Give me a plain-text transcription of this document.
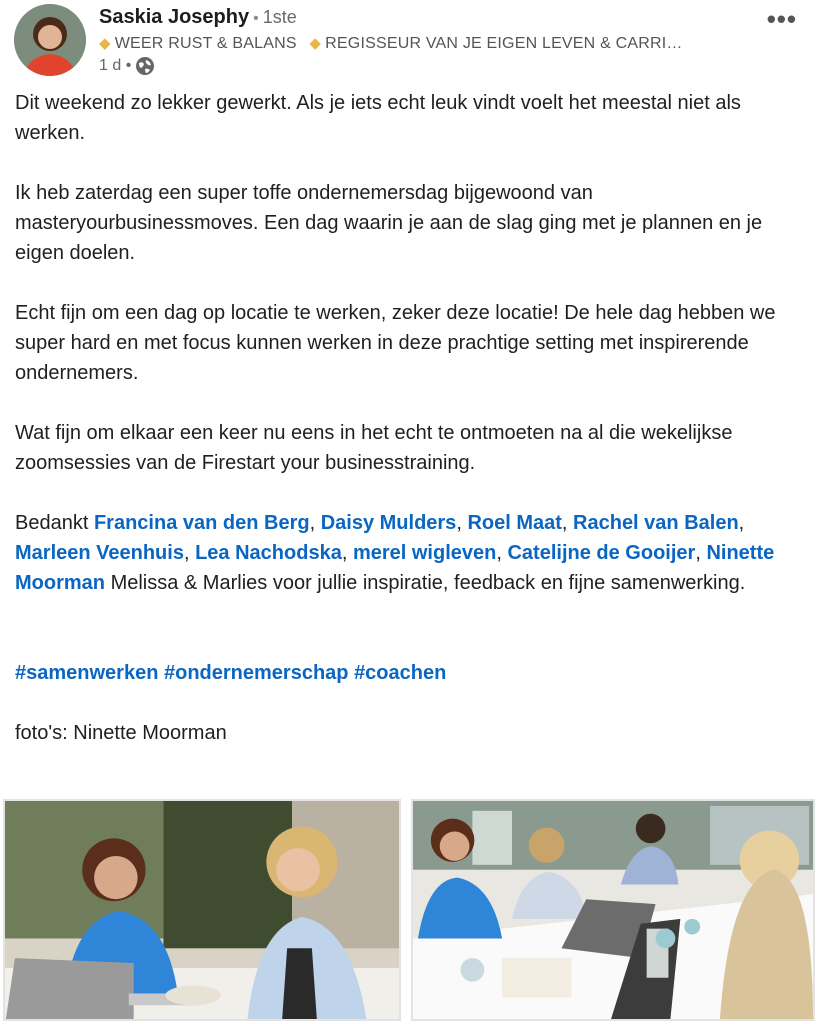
Saskia Josephy • 1ste
◆ WEER RUST & BALANS ◆ REGISSEUR VAN JE EIGEN LEVEN & CARRI…
1 d •
•••

Dit weekend zo lekker gewerkt. Als je iets echt leuk vindt voelt het meestal niet als werken.

Ik heb zaterdag een super toffe ondernemersdag bijgewoond van masteryourbusinessmoves. Een dag waarin je aan de slag ging met je plannen en je eigen doelen.

Echt fijn om een dag op locatie te werken, zeker deze locatie! De hele dag hebben we super hard en met focus kunnen werken in deze prachtige setting met inspirerende ondernemers.

Wat fijn om elkaar een keer nu eens in het echt te ontmoeten na al die wekelijkse zoomsessies van de Firestart your businesstraining.

Bedankt Francina van den Berg, Daisy Mulders, Roel Maat, Rachel van Balen, Marleen Veenhuis, Lea Nachodska, merel wigleven, Catelijne de Gooijer, Ninette Moorman Melissa & Marlies voor jullie inspiratie, feedback en fijne samenwerking.

#samenwerken #ondernemerschap #coachen

foto's: Ninette Moorman
